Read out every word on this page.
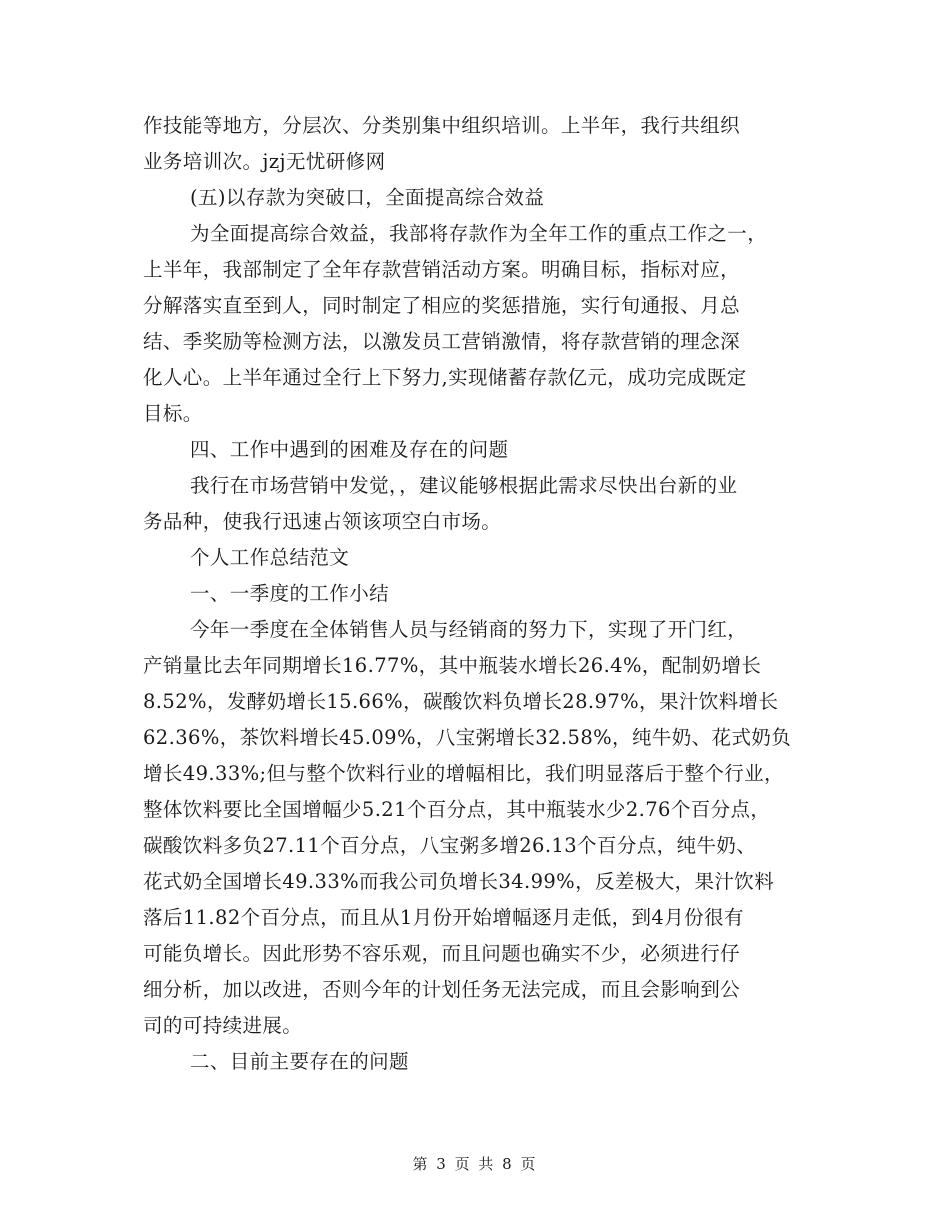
作技能等地方，分层次、分类别集中组织培训。上半年，我行共组织
业务培训次。jzj无忧研修网
(五)以存款为突破口，全面提高综合效益
为全面提高综合效益，我部将存款作为全年工作的重点工作之一，
上半年，我部制定了全年存款营销活动方案。明确目标，指标对应，
分解落实直至到人，同时制定了相应的奖惩措施，实行旬通报、月总
结、季奖励等检测方法，以激发员工营销激情，将存款营销的理念深
化人心。上半年通过全行上下努力,实现储蓄存款亿元，成功完成既定
目标。
四、工作中遇到的困难及存在的问题
我行在市场营销中发觉，，建议能够根据此需求尽快出台新的业
务品种，使我行迅速占领该项空白市场。
个人工作总结范文
一、一季度的工作小结
今年一季度在全体销售人员与经销商的努力下，实现了开门红，
产销量比去年同期增长16.77%，其中瓶装水增长26.4%，配制奶增长
8.52%，发酵奶增长15.66%，碳酸饮料负增长28.97%，果汁饮料增长
62.36%，茶饮料增长45.09%，八宝粥增长32.58%，纯牛奶、花式奶负
增长49.33%;但与整个饮料行业的增幅相比，我们明显落后于整个行业，
整体饮料要比全国增幅少5.21个百分点，其中瓶装水少2.76个百分点，
碳酸饮料多负27.11个百分点，八宝粥多增26.13个百分点，纯牛奶、
花式奶全国增长49.33%而我公司负增长34.99%，反差极大，果汁饮料
落后11.82个百分点，而且从1月份开始增幅逐月走低，到4月份很有
可能负增长。因此形势不容乐观，而且问题也确实不少，必须进行仔
细分析，加以改进，否则今年的计划任务无法完成，而且会影响到公
司的可持续进展。
二、目前主要存在的问题
第 3 页 共 8 页
